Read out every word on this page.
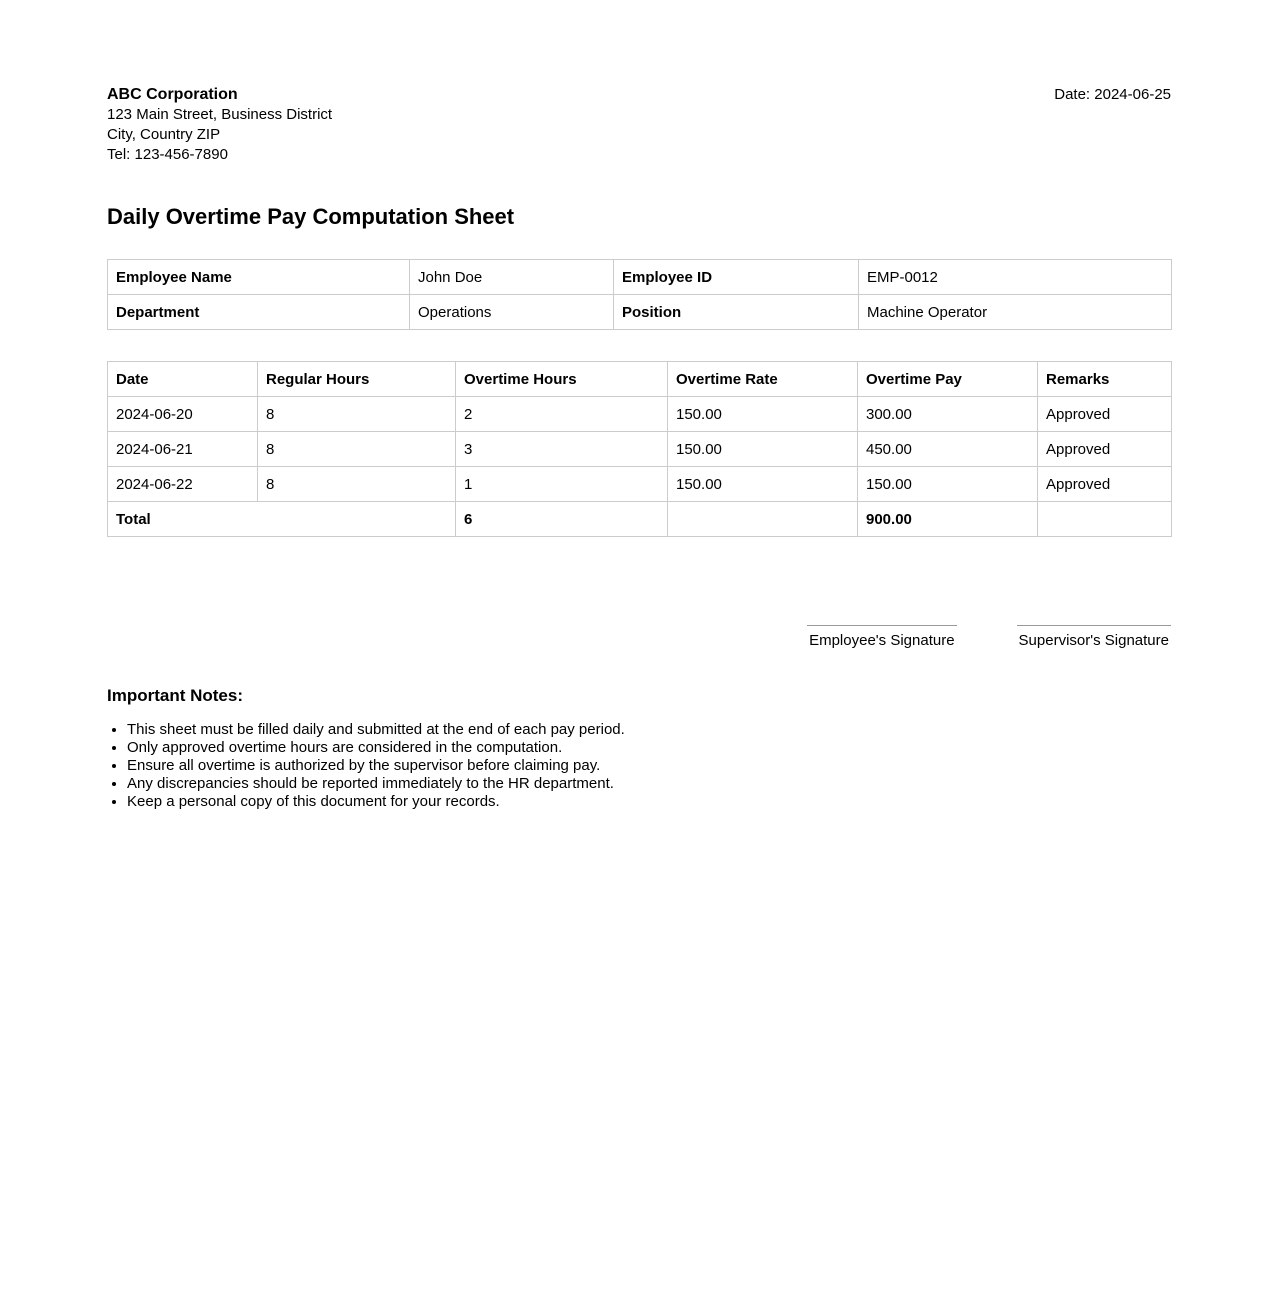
ABC Corporation
123 Main Street, Business District
City, Country ZIP
Tel: 123-456-7890
Date: 2024-06-25
Daily Overtime Pay Computation Sheet
Employee Name	John Doe	Employee ID	EMP-0012
Department	Operations	Position	Machine Operator
Date	Regular Hours	Overtime Hours	Overtime Rate	Overtime Pay	Remarks
2024-06-20	8	2	150.00	300.00	Approved
2024-06-21	8	3	150.00	450.00	Approved
2024-06-22	8	1	150.00	150.00	Approved
Total		6		900.00	
Employee's Signature	Supervisor's Signature
Important Notes:
• This sheet must be filled daily and submitted at the end of each pay period.
• Only approved overtime hours are considered in the computation.
• Ensure all overtime is authorized by the supervisor before claiming pay.
• Any discrepancies should be reported immediately to the HR department.
• Keep a personal copy of this document for your records.
